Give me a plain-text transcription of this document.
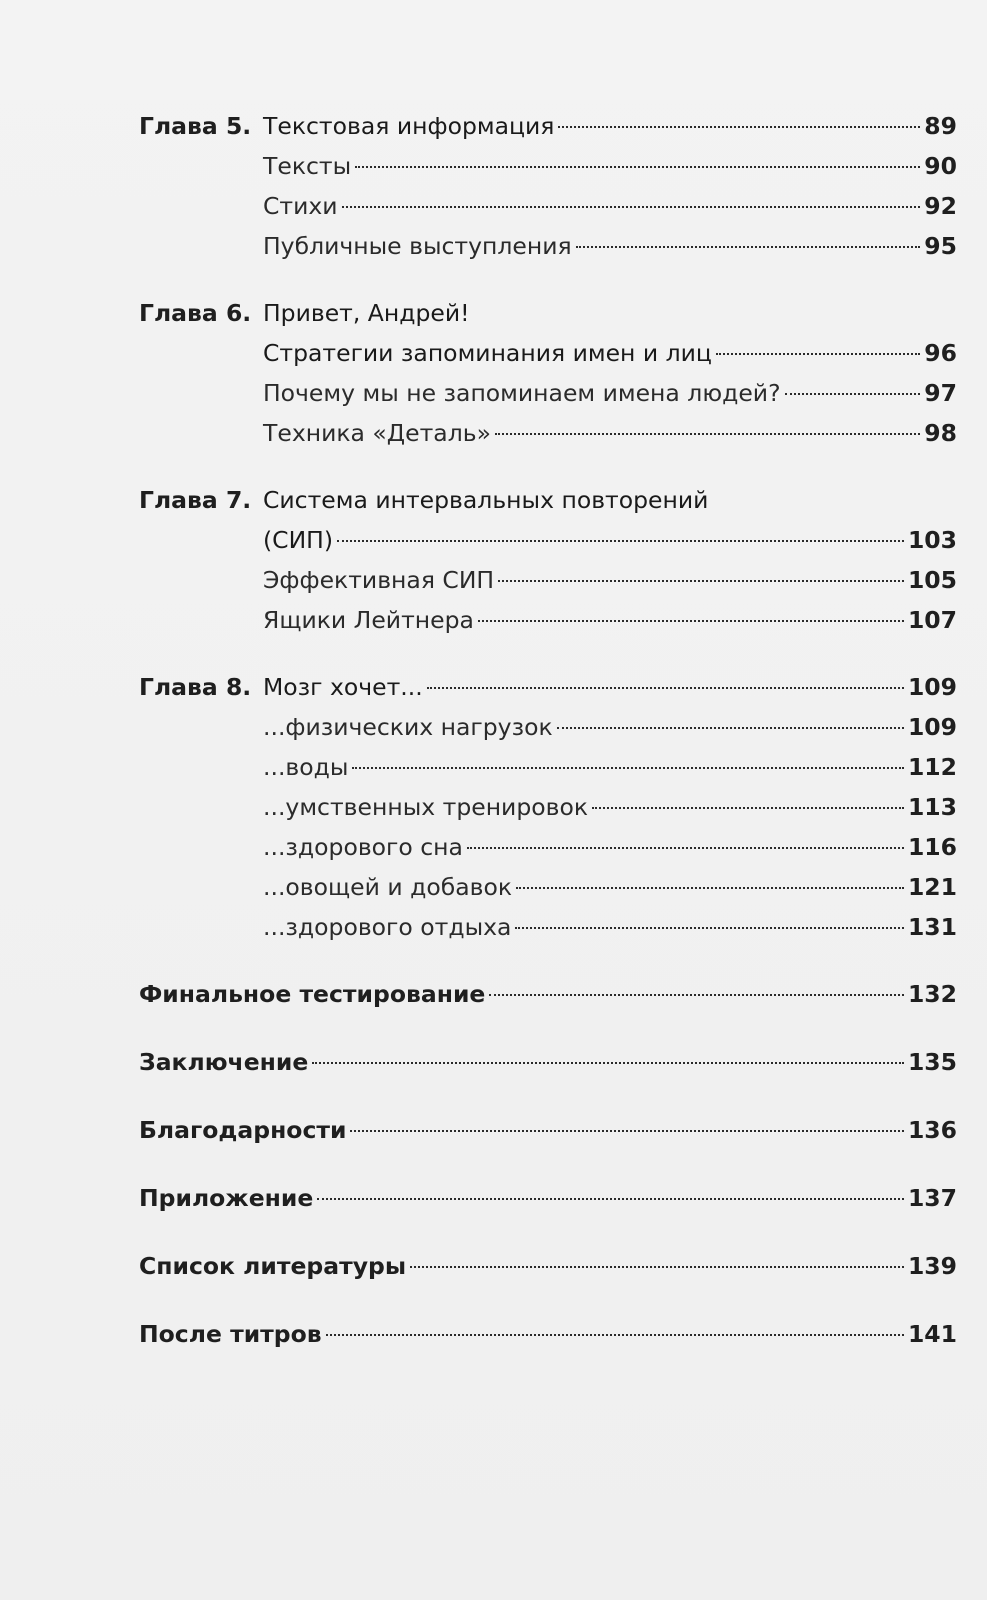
Глава 5. Текстовая информация	89
Тексты	90
Стихи	92
Публичные выступления	95
Глава 6. Привет, Андрей!
Стратегии запоминания имен и лиц	96
Почему мы не запоминаем имена людей?	97
Техника «Деталь»	98
Глава 7. Система интервальных повторений
(СИП)	103
Эффективная СИП	105
Ящики Лейтнера	107
Глава 8. Мозг хочет...	109
...физических нагрузок	109
...воды	112
...умственных тренировок	113
...здорового сна	116
...овощей и добавок	121
...здорового отдыха	131
Финальное тестирование	132
Заключение	135
Благодарности	136
Приложение	137
Список литературы	139
После титров	141
